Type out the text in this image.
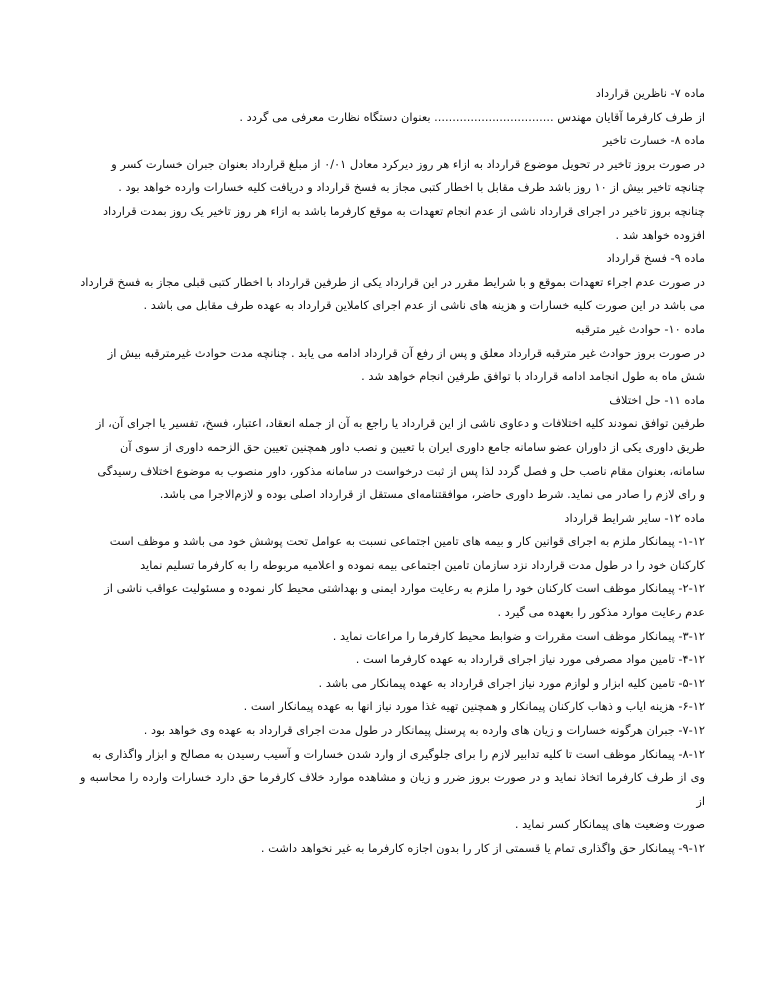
ماده ۷- ناظرین قرارداد

از طرف کارفرما آقایان مهندس ................................. بعنوان دستگاه نظارت معرفی می گردد .

ماده ۸- خسارت تاخیر

در صورت بروز تاخیر در تحویل موضوع قرارداد به ازاء هر روز دیرکرد معادل ۰/۰۱ از مبلغ قرارداد بعنوان جبران خسارت کسر و

چنانچه تاخیر بیش از ۱۰ روز باشد طرف مقابل با اخطار کتبی مجاز به فسخ قرارداد و دریافت کلیه خسارات وارده خواهد بود .

چنانچه بروز تاخیر در اجرای قرارداد ناشی از عدم انجام تعهدات به موقع کارفرما باشد به ازاء هر روز تاخیر یک روز بمدت قرارداد

افزوده خواهد شد .

ماده ۹- فسخ قرارداد

در صورت عدم اجراء تعهدات بموقع و با شرایط مقرر در این قرارداد یکی از طرفین قرارداد با اخطار کتبی قبلی مجاز به فسخ قرارداد

می باشد در این صورت کلیه خسارات و هزینه های ناشی از عدم اجرای کاملاین قرارداد به عهده طرف مقابل می باشد .

ماده ۱۰- حوادث غیر مترقبه

در صورت بروز حوادث غیر مترقبه قرارداد معلق و پس از رفع آن قرارداد ادامه می یابد . چنانچه مدت حوادث غیرمترقبه بیش از

شش ماه به طول انجامد ادامه قرارداد با توافق طرفین انجام خواهد شد .

ماده ۱۱- حل اختلاف

طرفین توافق نمودند کلیه اختلافات و دعاوی ناشی از این قرارداد یا راجع به آن از جمله انعقاد، اعتبار، فسخ، تفسیر یا اجرای آن، از

طریق داوری یکی از داوران عضو سامانه جامع داوری ایران با تعیین و نصب داور همچنین تعیین حق الزحمه داوری از سوی آن

سامانه، بعنوان مقام ناصب حل و فصل گردد لذا پس از ثبت درخواست در سامانه مذکور، داور منصوب به موضوع اختلاف رسیدگی

و رای لازم را صادر می نماید. شرط داوری حاضر، موافقتنامه‌ای مستقل از قرارداد اصلی بوده و لازم‌الاجرا می باشد.

ماده ۱۲- سایر شرایط قرارداد

۱-۱۲- پیمانکار ملزم به اجرای قوانین کار و بیمه های تامین اجتماعی نسبت به عوامل تحت پوشش خود می باشد و موظف است

کارکنان خود را در طول مدت قرارداد نزد سازمان تامین اجتماعی بیمه نموده و اعلامیه مربوطه را به کارفرما تسلیم نماید

۲-۱۲- پیمانکار موظف است کارکنان خود را ملزم به رعایت موارد ایمنی و بهداشتی محیط کار نموده و مسئولیت عواقب ناشی از

عدم رعایت موارد مذکور را بعهده می گیرد .

۳-۱۲- پیمانکار موظف است مقررات و ضوابط محیط کارفرما را مراعات نماید .

۴-۱۲- تامین مواد مصرفی مورد نیاز اجرای قرارداد به عهده کارفرما است .

۵-۱۲- تامین کلیه ابزار و لوازم مورد نیاز اجرای قرارداد به عهده پیمانکار می باشد .

۶-۱۲- هزینه ایاب و ذهاب کارکنان پیمانکار و همچنین تهیه غذا مورد نیاز انها به عهده پیمانکار است .

۷-۱۲- جبران هرگونه خسارات و زیان های وارده به پرسنل پیمانکار در طول مدت اجرای قرارداد به عهده وی خواهد بود .

۸-۱۲- پیمانکار موظف است تا کلیه تدابیر لازم را برای جلوگیری از وارد شدن خسارات و آسیب رسیدن به مصالح و ابزار واگذاری به

وی از طرف کارفرما اتخاذ نماید و در صورت بروز ضرر و زیان و مشاهده موارد خلاف کارفرما حق دارد خسارات وارده را محاسبه و از

صورت وضعیت های پیمانکار کسر نماید .

۹-۱۲- پیمانکار حق واگذاری تمام یا قسمتی از کار را بدون اجازه کارفرما به غیر نخواهد داشت .
